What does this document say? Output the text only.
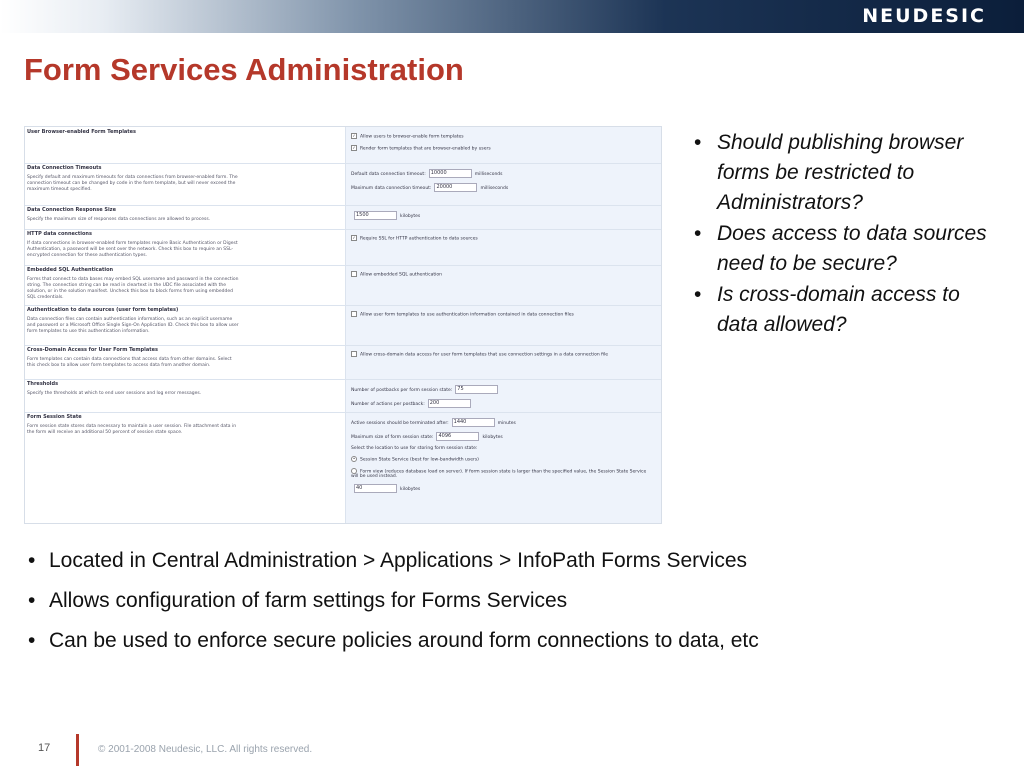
NEUDESIC
Form Services Administration
User Browser-enabled Form Templates
✓ Allow users to browser-enable form templates
✓ Render form templates that are browser-enabled by users
Data Connection Timeouts
Specify default and maximum timeouts for data connections from browser-enabled form. The connection timeout can be changed by code in the form template, but will never exceed the maximum timeout specified.
Default data connection timeout: 10000	milliseconds
Maximum data connection timeout: 20000	milliseconds
Data Connection Response Size
Specify the maximum size of responses data connections are allowed to process.
1500	kilobytes
HTTP data connections
If data connections in browser-enabled form templates require Basic Authentication or Digest Authentication, a password will be sent over the network. Check this box to require an SSL-encrypted connection for these authentication types.
✓ Require SSL for HTTP authentication to data sources
Embedded SQL Authentication
Forms that connect to data bases may embed SQL username and password in the connection string. The connection string can be read in cleartext in the UDC file associated with the solution, or in the solution manifest. Uncheck this box to block forms from using embedded SQL credentials.
Allow embedded SQL authentication
Authentication to data sources (user form templates)
Data connection files can contain authentication information, such as an explicit username and password or a Microsoft Office Single Sign-On Application ID. Check this box to allow user form templates to use this authentication information.
Allow user form templates to use authentication information contained in data connection files
Cross-Domain Access for User Form Templates
Form templates can contain data connections that access data from other domains. Select this check box to allow user form templates to access data from another domain.
Allow cross-domain data access for user form templates that use connection settings in a data connection file
Thresholds
Specify the thresholds at which to end user sessions and log error messages.
Number of postbacks per form session state: 75
Number of actions per postback: 200
Form Session State
Form session state stores data necessary to maintain a user session. File attachment data in the form will receive an additional 50 percent of session state space.
Active sessions should be terminated after: 1440	minutes
Maximum size of form session state: 4096	kilobytes
Select the location to use for storing form session state:
• Session State Service (best for low-bandwidth users)
Form view (reduces database load on server). If form session state is larger than the specified value, the Session State Service will be used instead.
40	kilobytes
• Should publishing browser forms be restricted to Administrators?
• Does access to data sources need to be secure?
• Is cross-domain access to data allowed?
• Located in Central Administration > Applications > InfoPath Forms Services
• Allows configuration of farm settings for Forms Services
• Can be used to enforce secure policies around form connections to data, etc
17	© 2001-2008 Neudesic, LLC. All rights reserved.
